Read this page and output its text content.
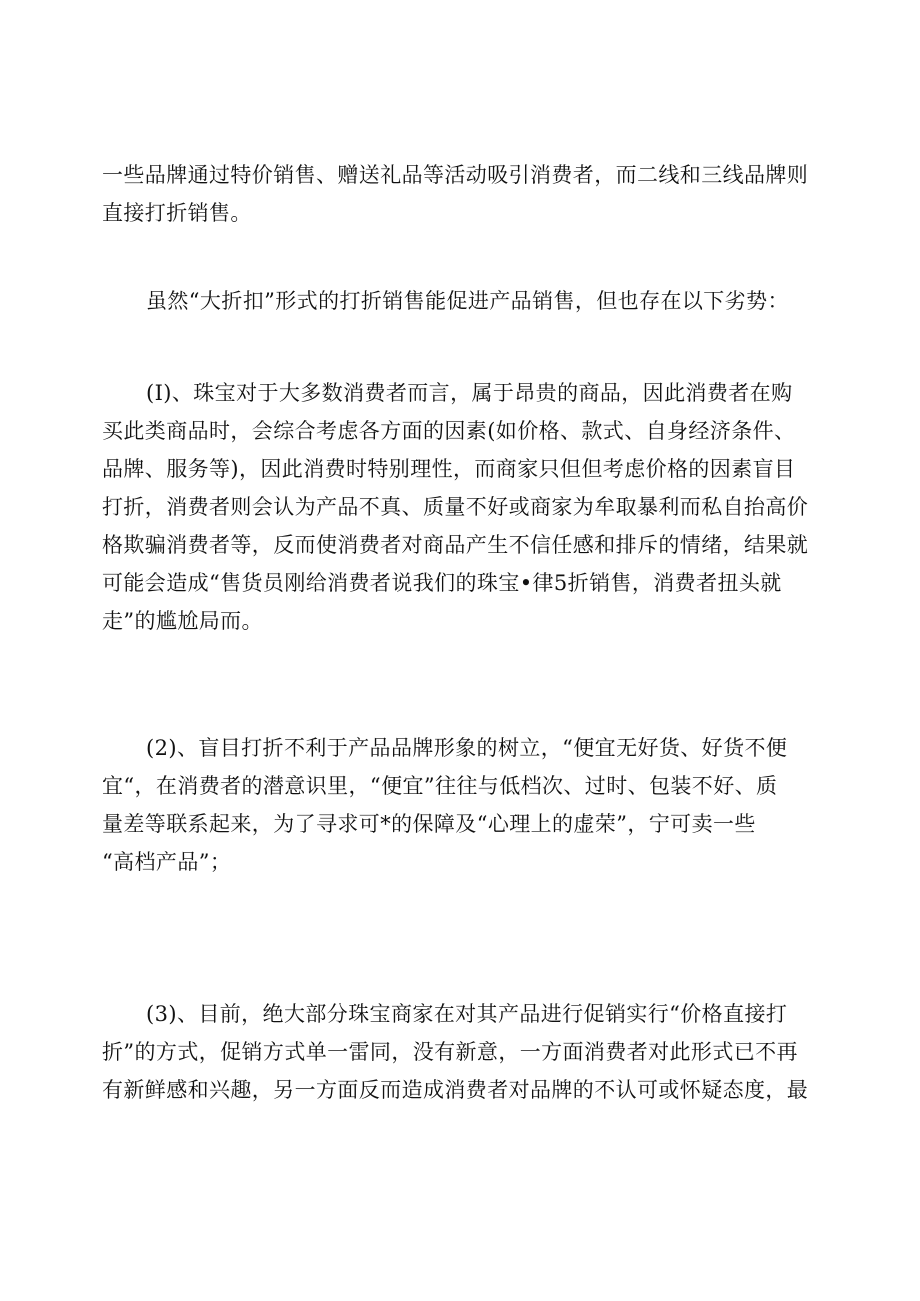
一些品牌通过特价销售、赠送礼品等活动吸引消费者，而二线和三线品牌则
直接打折销售。

虽然“大折扣”形式的打折销售能促进产品销售，但也存在以下劣势：

(I)、珠宝对于大多数消费者而言，属于昂贵的商品，因此消费者在购
买此类商品时，会综合考虑各方面的因素(如价格、款式、自身经济条件、
品牌、服务等)，因此消费时特别理性，而商家只但但考虑价格的因素盲目
打折，消费者则会认为产品不真、质量不好或商家为牟取暴利而私自抬高价
格欺骗消费者等，反而使消费者对商品产生不信任感和排斥的情绪，结果就
可能会造成“售货员刚给消费者说我们的珠宝•律5折销售，消费者扭头就
走”的尴尬局而。

(2)、盲目打折不利于产品品牌形象的树立，“便宜无好货、好货不便
宜“，在消费者的潜意识里，“便宜”往往与低档次、过时、包装不好、质
量差等联系起来，为了寻求可*的保障及“心理上的虚荣”，宁可卖一些
“高档产品”；

(3)、目前，绝大部分珠宝商家在对其产品进行促销实行“价格直接打
折”的方式，促销方式单一雷同，没有新意，一方面消费者对此形式已不再
有新鲜感和兴趣，另一方面反而造成消费者对品牌的不认可或怀疑态度，最
